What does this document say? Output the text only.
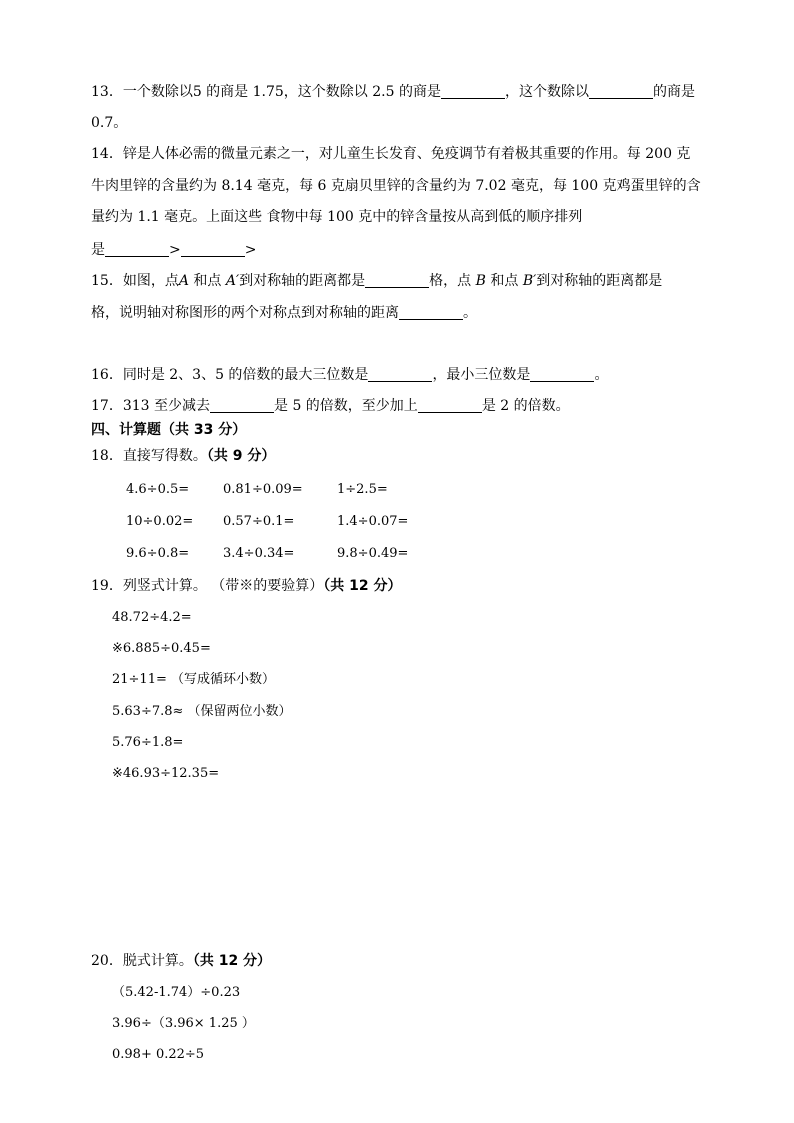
13．一个数除以5 的商是 1.75，这个数除以 2.5 的商是	，这个数除以	的商是
0.7。
14．锌是人体必需的微量元素之一，对儿童生长发育、免疫调节有着极其重要的作用。每 200 克
牛肉里锌的含量约为 8.14 毫克，每 6 克扇贝里锌的含量约为 7.02 毫克，每 100 克鸡蛋里锌的含
量约为 1.1 毫克。上面这些 食物中每 100 克中的锌含量按从高到低的顺序排列
是	>	>
15．如图，点A 和点 A′到对称轴的距离都是	格，点 B 和点 B′到对称轴的距离都是
格，说明轴对称图形的两个对称点到对称轴的距离	。
16．同时是 2、3、5 的倍数的最大三位数是	，最小三位数是	。
17．313 至少减去	是 5 的倍数，至少加上	是 2 的倍数。
四、计算题（共 33 分）
18．直接写得数。（共 9 分）
4.6÷0.5=	0.81÷0.09=	1÷2.5=
10÷0.02= 0.57÷0.1=	1.4÷0.07=
9.6÷0.8=	3.4÷0.34=	9.8÷0.49=
19．列竖式计算。 （带※的要验算）（共 12 分）
48.72÷4.2=
※6.885÷0.45=
21÷11= （写成循环小数）
5.63÷7.8≈ （保留两位小数）
5.76÷1.8=
※46.93÷12.35=
20．脱式计算。（共 12 分）
（5.42-1.74）÷0.23
3.96÷（3.96× 1.25 ）
0.98+ 0.22÷5
